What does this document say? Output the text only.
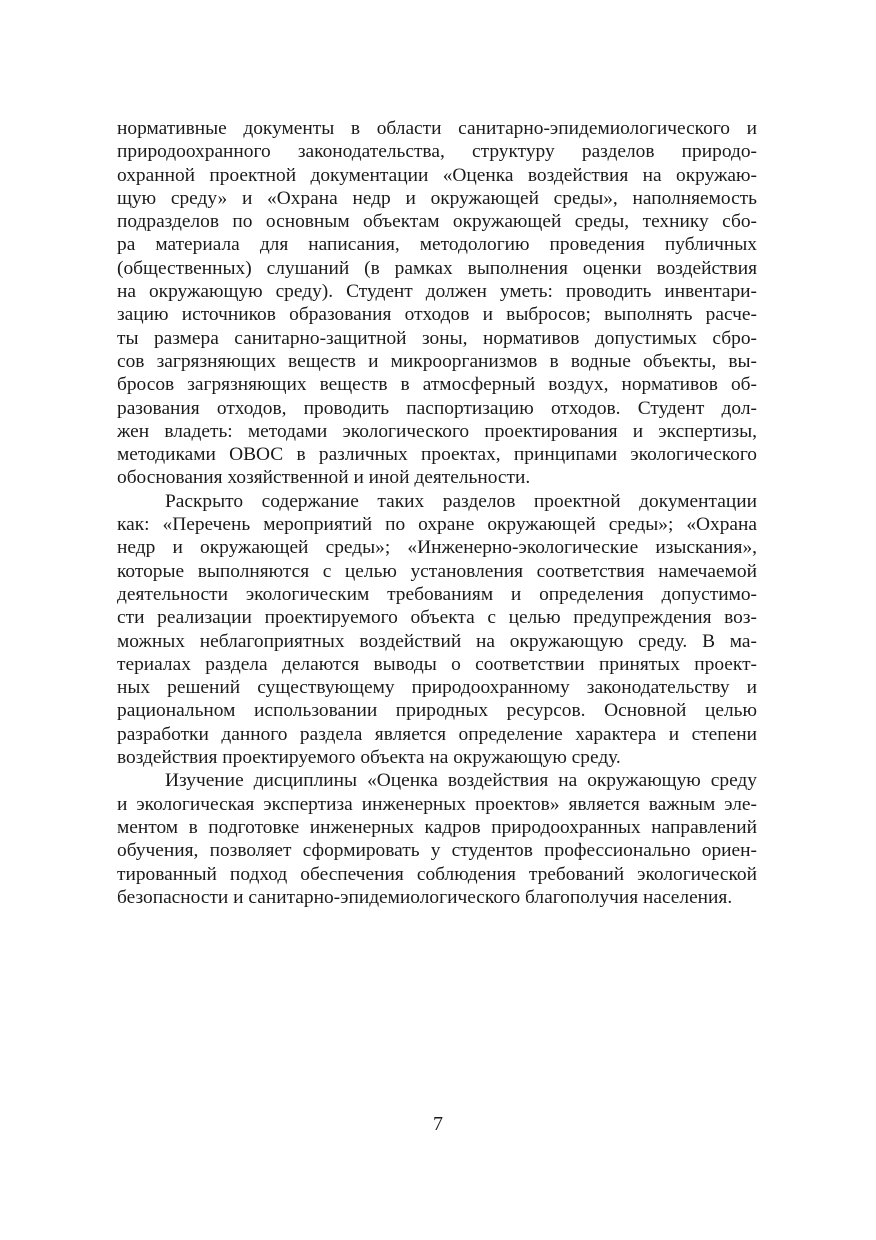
нормативные документы в области санитарно-эпидемиологического и
природоохранного законодательства, структуру разделов природо-
охранной проектной документации «Оценка воздействия на окружаю-
щую среду» и «Охрана недр и окружающей среды», наполняемость
подразделов по основным объектам окружающей среды, технику сбо-
ра материала для написания, методологию проведения публичных
(общественных) слушаний (в рамках выполнения оценки воздействия
на окружающую среду). Студент должен уметь: проводить инвентари-
зацию источников образования отходов и выбросов; выполнять расче-
ты размера санитарно-защитной зоны, нормативов допустимых сбро-
сов загрязняющих веществ и микроорганизмов в водные объекты, вы-
бросов загрязняющих веществ в атмосферный воздух, нормативов об-
разования отходов, проводить паспортизацию отходов. Студент дол-
жен владеть: методами экологического проектирования и экспертизы,
методиками ОВОС в различных проектах, принципами экологического
обоснования хозяйственной и иной деятельности.
Раскрыто содержание таких разделов проектной документации
как: «Перечень мероприятий по охране окружающей среды»; «Охрана
недр и окружающей среды»; «Инженерно-экологические изыскания»,
которые выполняются с целью установления соответствия намечаемой
деятельности экологическим требованиям и определения допустимо-
сти реализации проектируемого объекта с целью предупреждения воз-
можных неблагоприятных воздействий на окружающую среду. В ма-
териалах раздела делаются выводы о соответствии принятых проект-
ных решений существующему природоохранному законодательству и
рациональном использовании природных ресурсов. Основной целью
разработки данного раздела является определение характера и степени
воздействия проектируемого объекта на окружающую среду.
Изучение дисциплины «Оценка воздействия на окружающую среду
и экологическая экспертиза инженерных проектов» является важным эле-
ментом в подготовке инженерных кадров природоохранных направлений
обучения, позволяет сформировать у студентов профессионально ориен-
тированный подход обеспечения соблюдения требований экологической
безопасности и санитарно-эпидемиологического благополучия населения.
7
